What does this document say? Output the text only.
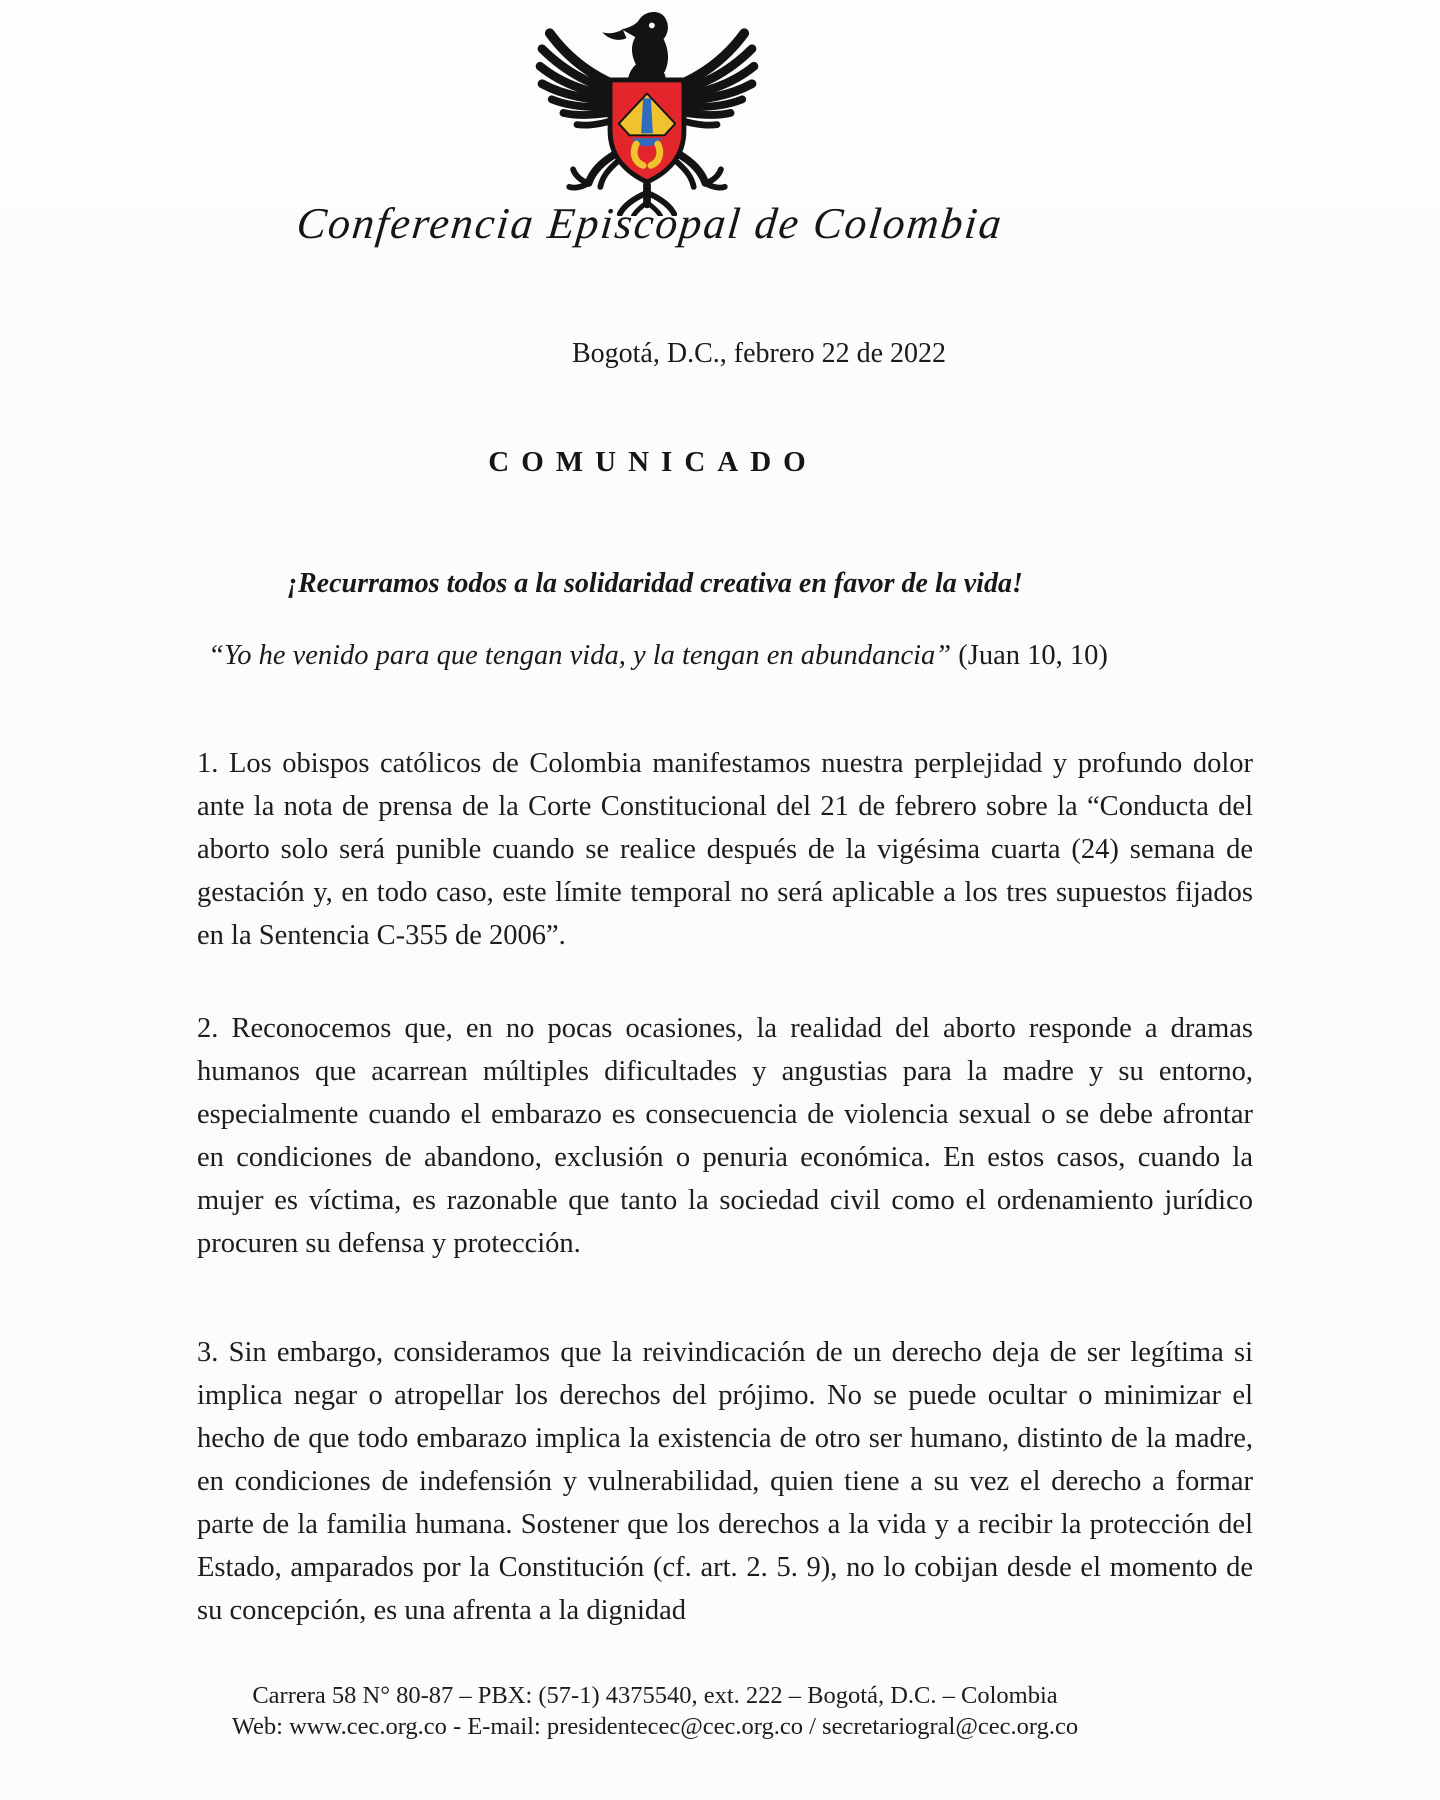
Conferencia Episcopal de Colombia
Bogotá, D.C., febrero 22 de 2022
COMUNICADO
¡Recurramos todos a la solidaridad creativa en favor de la vida!
“Yo he venido para que tengan vida, y la tengan en abundancia” (Juan 10, 10)

1. Los obispos católicos de Colombia manifestamos nuestra perplejidad y profundo dolor ante la nota de prensa de la Corte Constitucional del 21 de febrero sobre la “Conducta del aborto solo será punible cuando se realice después de la vigésima cuarta (24) semana de gestación y, en todo caso, este límite temporal no será aplicable a los tres supuestos fijados en la Sentencia C-355 de 2006”.

2. Reconocemos que, en no pocas ocasiones, la realidad del aborto responde a dramas humanos que acarrean múltiples dificultades y angustias para la madre y su entorno, especialmente cuando el embarazo es consecuencia de violencia sexual o se debe afrontar en condiciones de abandono, exclusión o penuria económica. En estos casos, cuando la mujer es víctima, es razonable que tanto la sociedad civil como el ordenamiento jurídico procuren su defensa y protección.

3. Sin embargo, consideramos que la reivindicación de un derecho deja de ser legítima si implica negar o atropellar los derechos del prójimo. No se puede ocultar o minimizar el hecho de que todo embarazo implica la existencia de otro ser humano, distinto de la madre, en condiciones de indefensión y vulnerabilidad, quien tiene a su vez el derecho a formar parte de la familia humana. Sostener que los derechos a la vida y a recibir la protección del Estado, amparados por la Constitución (cf. art. 2. 5. 9), no lo cobijan desde el momento de su concepción, es una afrenta a la dignidad

Carrera 58 N° 80-87 – PBX: (57-1) 4375540, ext. 222 – Bogotá, D.C. – Colombia
Web: www.cec.org.co - E-mail: presidentecec@cec.org.co / secretariogral@cec.org.co
